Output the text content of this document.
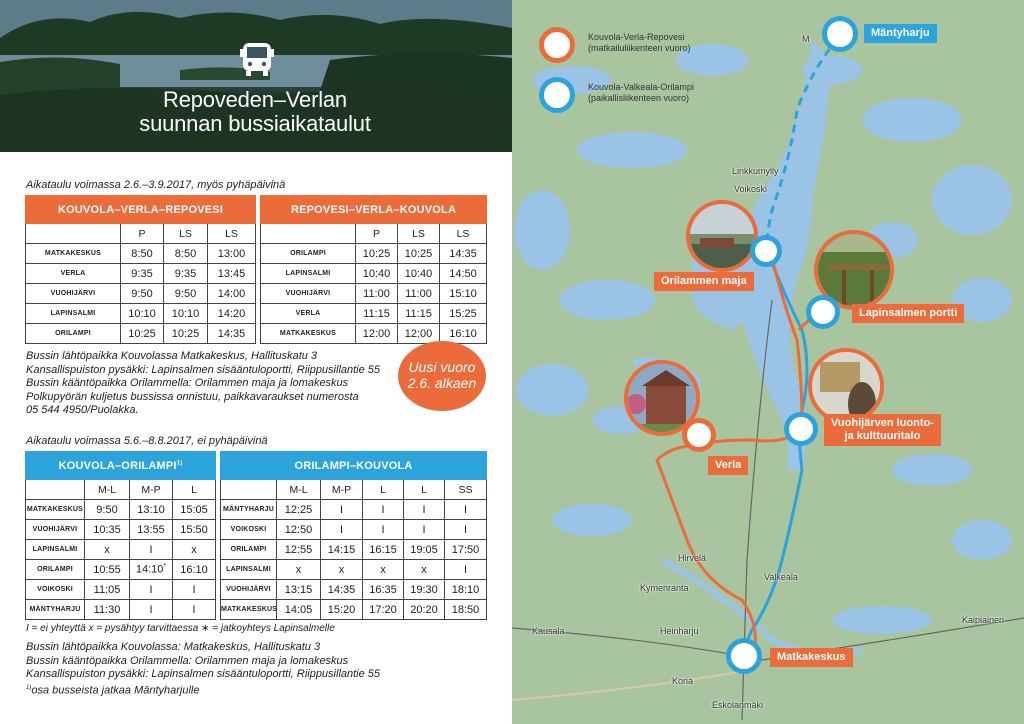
Repoveden–Verlan
suunnan bussiaikataulut
Aikataulu voimassa 2.6.–3.9.2017, myös pyhäpäivinä
KOUVOLA–VERLA–REPOVESI			
	P	LS	LS
MATKAKESKUS	8:50	8:50	13:00
VERLA	9:35	9:35	13:45
VUOHIJÄRVI	9:50	9:50	14:00
LAPINSALMI	10:10	10:10	14:20
ORILAMPI	10:25	10:25	14:35
REPOVESI–VERLA–KOUVOLA			
	P	LS	LS
ORILAMPI	10:25	10:25	14:35
LAPINSALMI	10:40	10:40	14:50
VUOHIJÄRVI	11:00	11:00	15:10
VERLA	11:15	11:15	15:25
MATKAKESKUS	12:00	12:00	16:10
Bussin lähtöpaikka Kouvolassa Matkakeskus, Hallituskatu 3
Kansallispuiston pysäkki: Lapinsalmen sisääntuloportti, Riippusillantie 55
Bussin kääntöpaikka Orilammella: Orilammen maja ja lomakeskus
Polkupyörän kuljetus bussissa onnistuu, paikkavaraukset numerosta
05 544 4950/Puolakka.
Uusi vuoro
2.6. alkaen
Aikataulu voimassa 5.6.–8.8.2017, ei pyhäpäivinä
KOUVOLA–ORILAMPI$^{1)}$
	M-L	M-P	L
MATKAKESKUS	9:50	13:10	15:05
VUOHIJÄRVI	10:35	13:55	15:50
LAPINSALMI	x	I	x
ORILAMPI	10:55	14:10*	16:10
VOIKOSKI	11:05	I	I
MÄNTYHARJU	11:30	I	I
ORILAMPI–KOUVOLA					
	M-L	M-P	L	L	SS
MÄNTYHARJU	12:25	I	I	I	I
VOIKOSKI	12:50	I	I	I	I
ORILAMPI	12:55	14:15	16:15	19:05	17:50
LAPINSALMI	x	x	x	x	I
VUOHIJÄRVI	13:15	14:35	16:35	19:30	18:10
MATKAKESKUS	14:05	15:20	17:20	20:20	18:50
I = ei yhteyttä x = pysähtyy tarvittaessa ∗ = jatkoyhteys Lapinsalmelle
Bussin lähtöpaikka Kouvolassa: Matkakeskus, Hallituskatu 3
Bussin kääntöpaikka Orilammella: Orilammen maja ja lomakeskus
Kansallispuiston pysäkki: Lapinsalmen sisääntuloportti, Riippusillantie 55
$^{1)}$osa busseista jatkaa Mäntyharjulle
Kouvola-Verla-Repovesi
(matkailuliikenteen vuoro)
Kouvola-Valkeala-Orilampi
(paikallisliikenteen vuoro)
Linkkumylly
Voikoski
M
Hirvelä
Kymenranta
Valkeala
Kausala	Heinharju
Kaipiainen
Koria
Eskolanmäki
Mäntyharju
Orilammen maja
Lapinsalmen portti
Vuohijärven luonto-
ja kulttuuritalo
Verla
Matkakeskus
